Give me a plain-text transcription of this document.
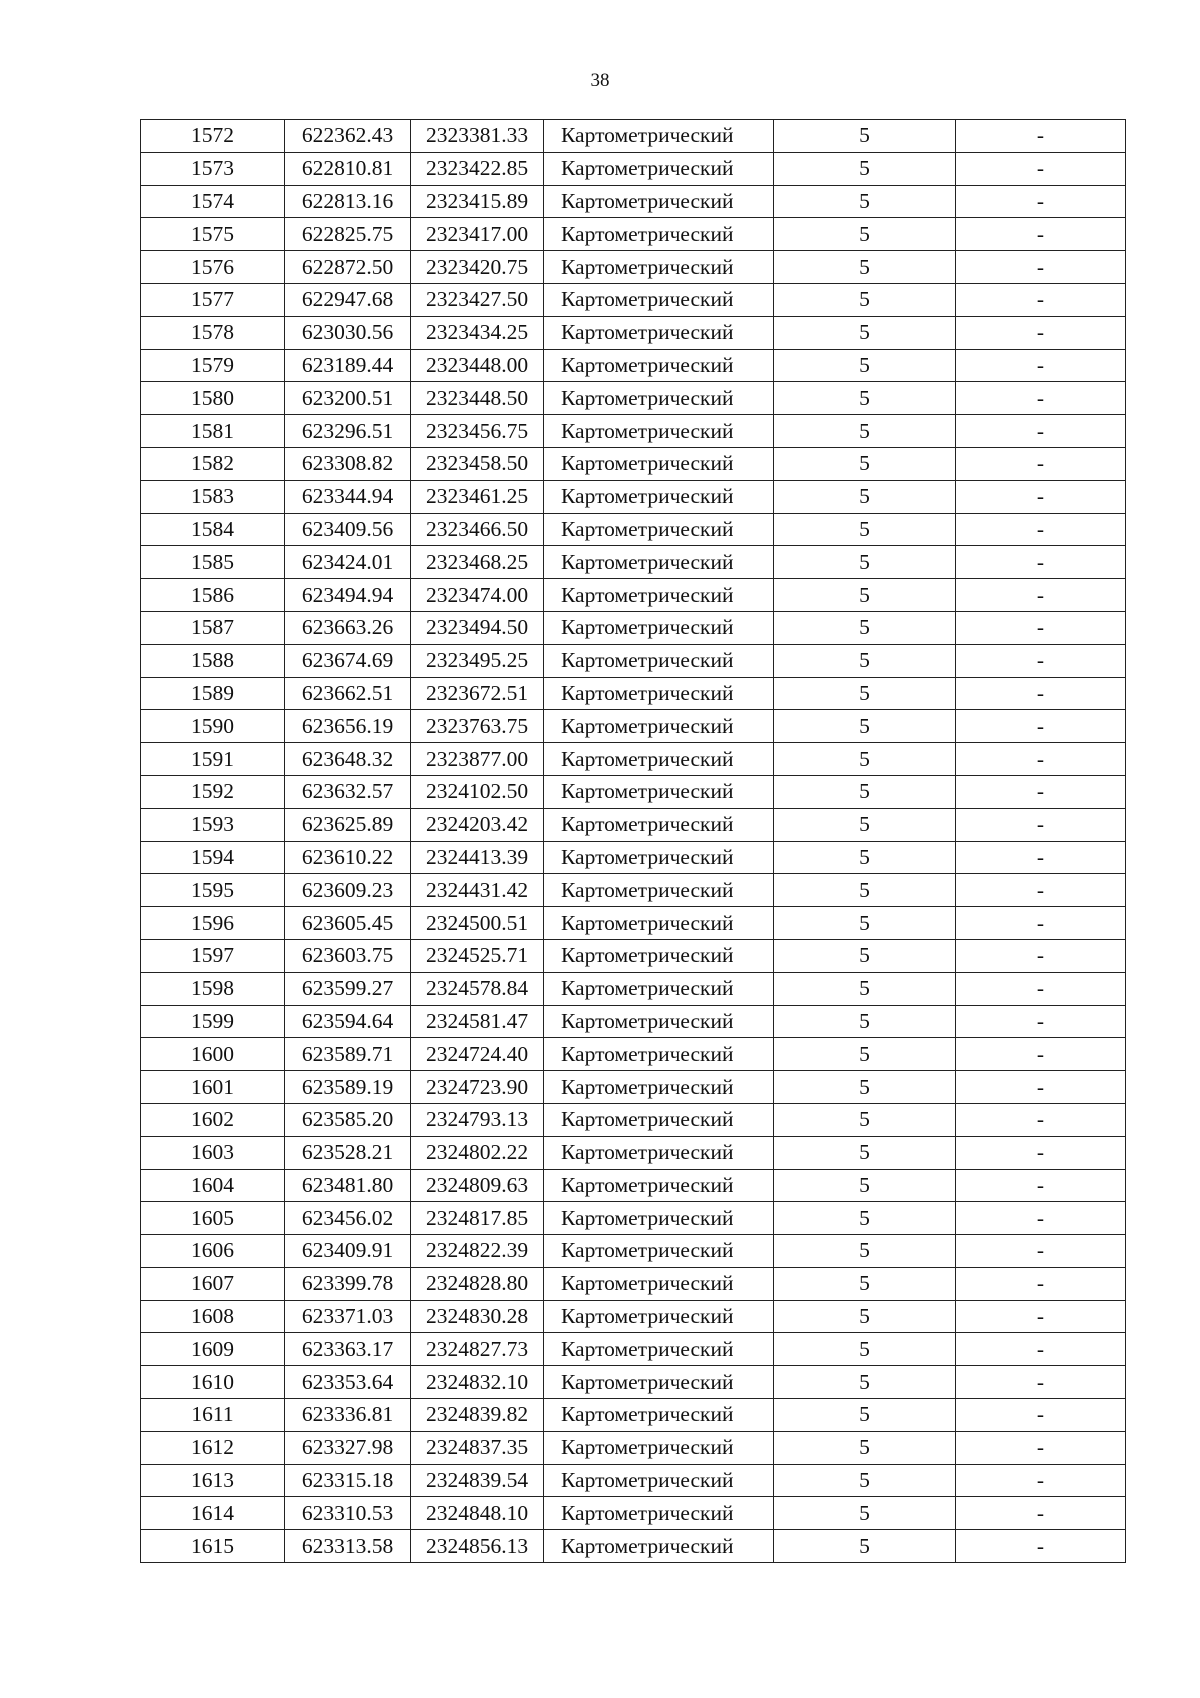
38
1572	622362.43	2323381.33	Картометрический	5	-
1573	622810.81	2323422.85	Картометрический	5	-
1574	622813.16	2323415.89	Картометрический	5	-
1575	622825.75	2323417.00	Картометрический	5	-
1576	622872.50	2323420.75	Картометрический	5	-
1577	622947.68	2323427.50	Картометрический	5	-
1578	623030.56	2323434.25	Картометрический	5	-
1579	623189.44	2323448.00	Картометрический	5	-
1580	623200.51	2323448.50	Картометрический	5	-
1581	623296.51	2323456.75	Картометрический	5	-
1582	623308.82	2323458.50	Картометрический	5	-
1583	623344.94	2323461.25	Картометрический	5	-
1584	623409.56	2323466.50	Картометрический	5	-
1585	623424.01	2323468.25	Картометрический	5	-
1586	623494.94	2323474.00	Картометрический	5	-
1587	623663.26	2323494.50	Картометрический	5	-
1588	623674.69	2323495.25	Картометрический	5	-
1589	623662.51	2323672.51	Картометрический	5	-
1590	623656.19	2323763.75	Картометрический	5	-
1591	623648.32	2323877.00	Картометрический	5	-
1592	623632.57	2324102.50	Картометрический	5	-
1593	623625.89	2324203.42	Картометрический	5	-
1594	623610.22	2324413.39	Картометрический	5	-
1595	623609.23	2324431.42	Картометрический	5	-
1596	623605.45	2324500.51	Картометрический	5	-
1597	623603.75	2324525.71	Картометрический	5	-
1598	623599.27	2324578.84	Картометрический	5	-
1599	623594.64	2324581.47	Картометрический	5	-
1600	623589.71	2324724.40	Картометрический	5	-
1601	623589.19	2324723.90	Картометрический	5	-
1602	623585.20	2324793.13	Картометрический	5	-
1603	623528.21	2324802.22	Картометрический	5	-
1604	623481.80	2324809.63	Картометрический	5	-
1605	623456.02	2324817.85	Картометрический	5	-
1606	623409.91	2324822.39	Картометрический	5	-
1607	623399.78	2324828.80	Картометрический	5	-
1608	623371.03	2324830.28	Картометрический	5	-
1609	623363.17	2324827.73	Картометрический	5	-
1610	623353.64	2324832.10	Картометрический	5	-
1611	623336.81	2324839.82	Картометрический	5	-
1612	623327.98	2324837.35	Картометрический	5	-
1613	623315.18	2324839.54	Картометрический	5	-
1614	623310.53	2324848.10	Картометрический	5	-
1615	623313.58	2324856.13	Картометрический	5	-
